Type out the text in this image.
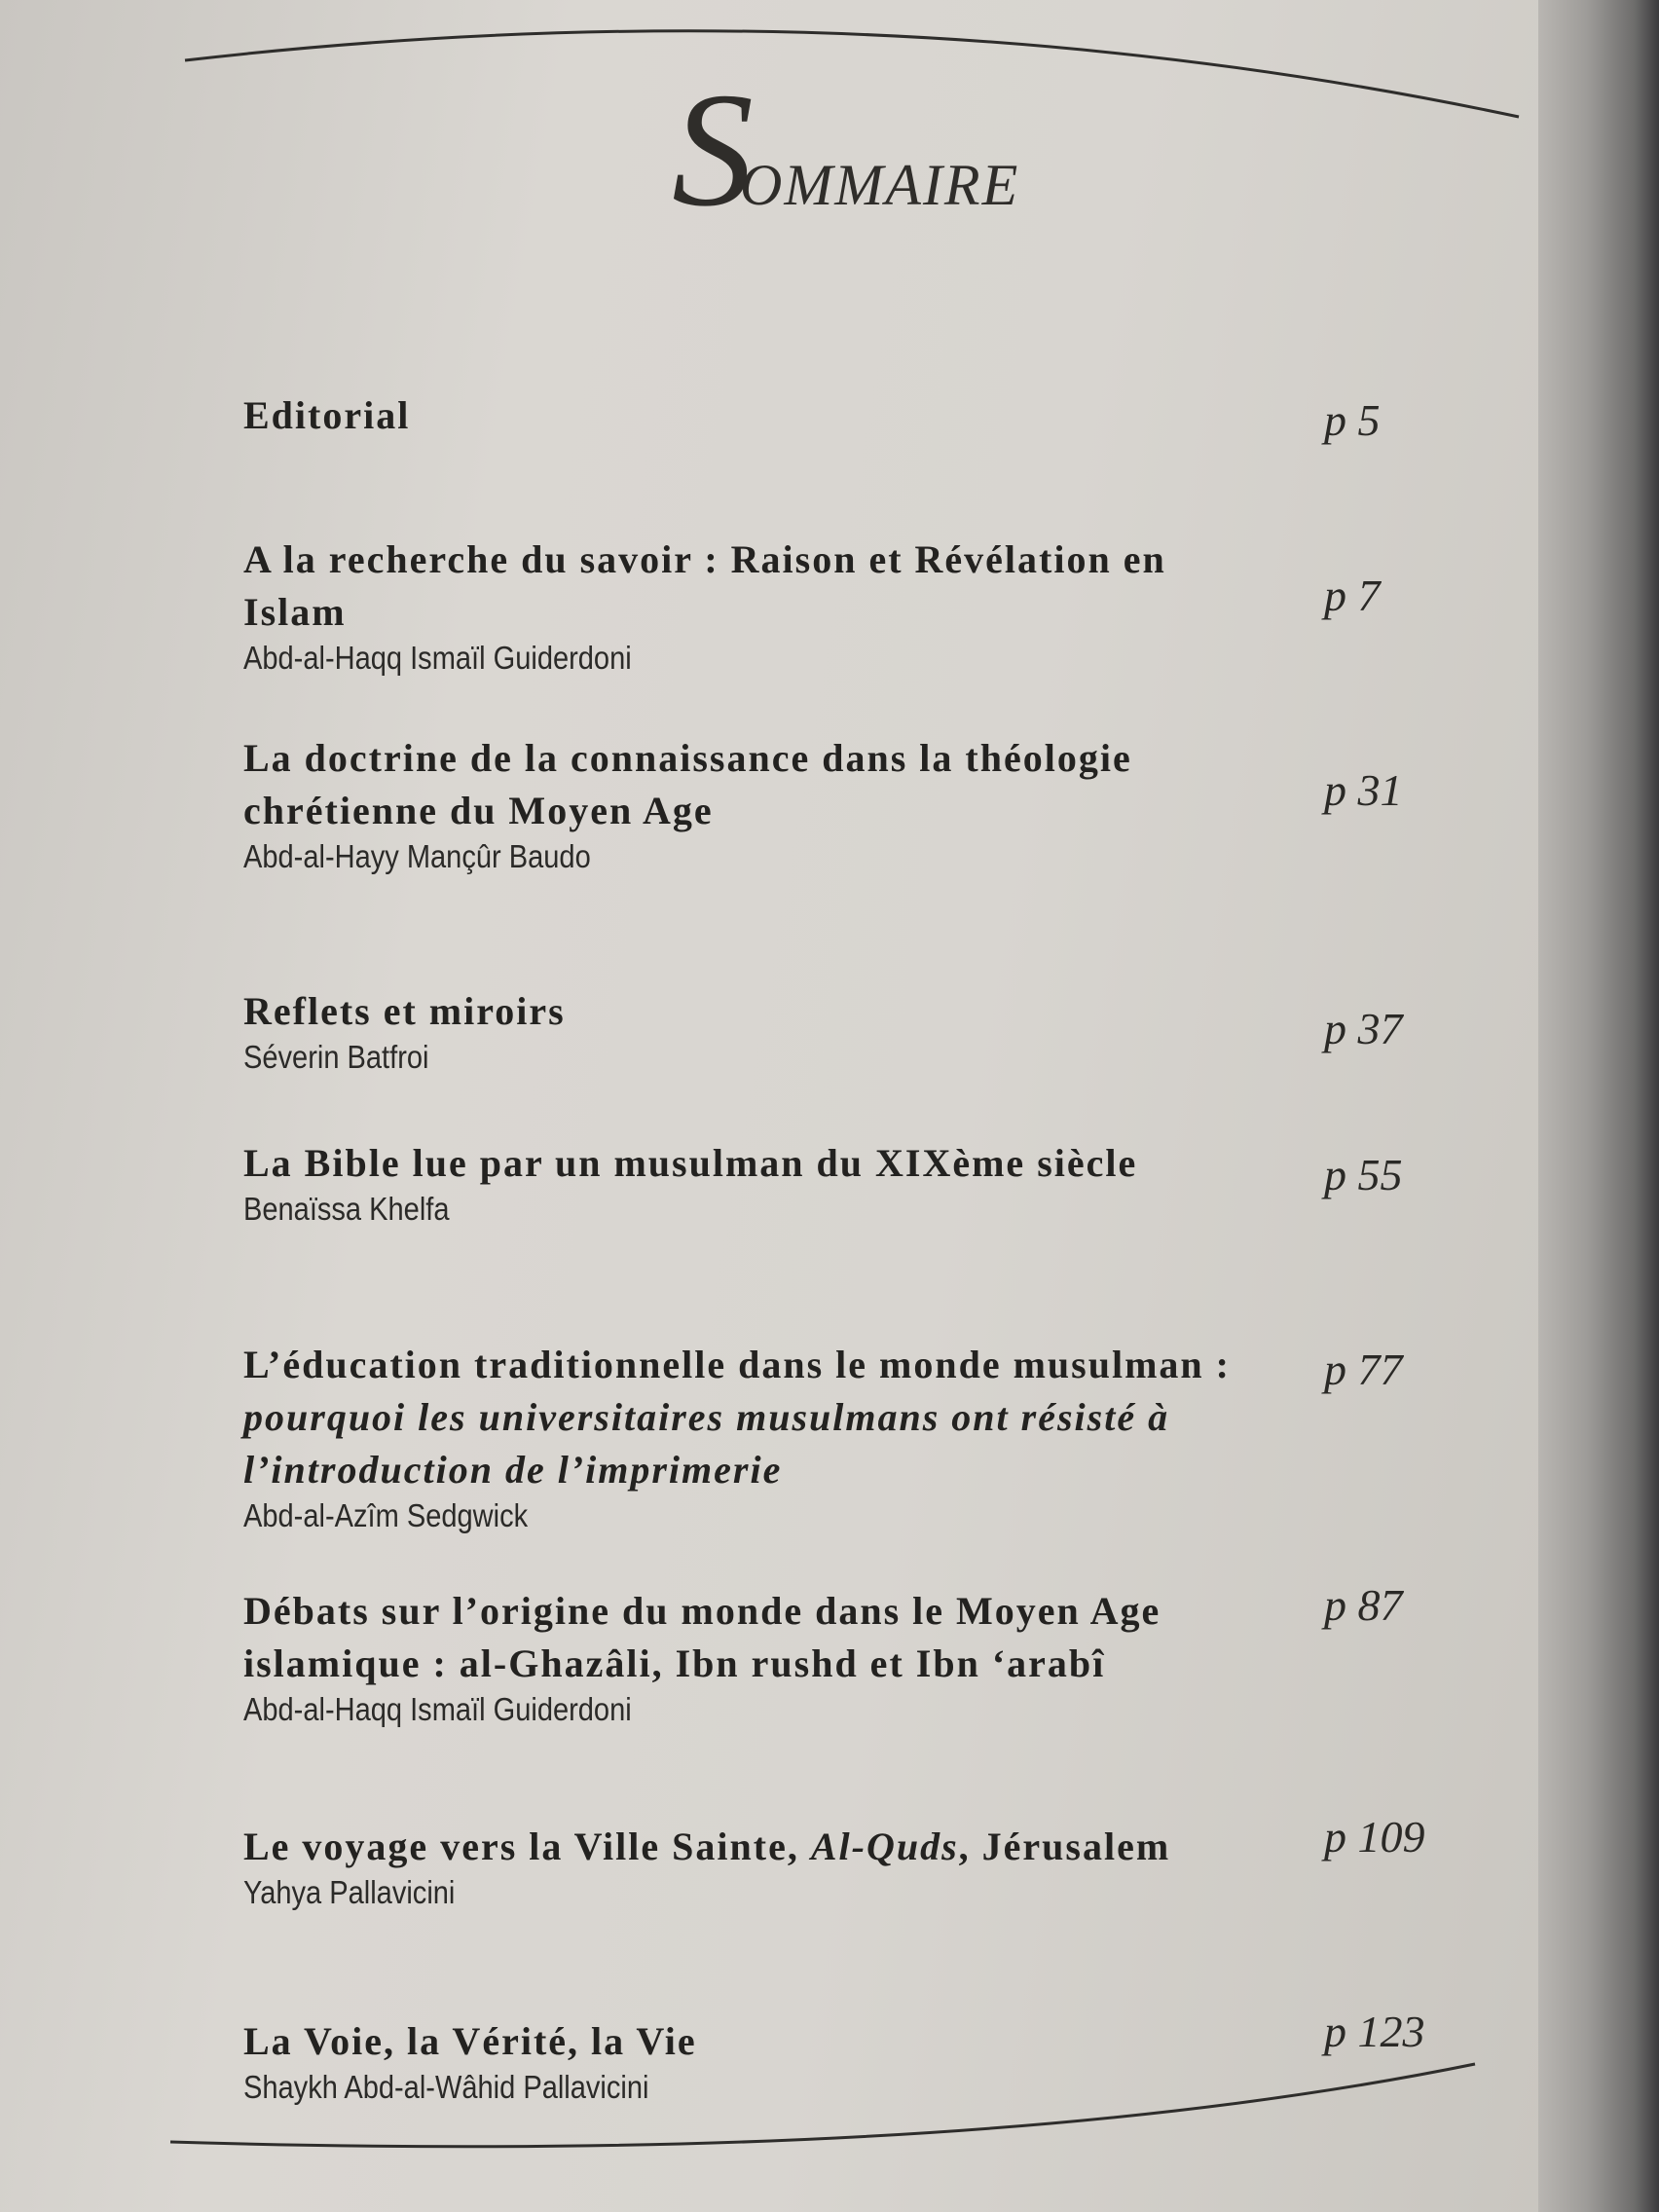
SOMMAIRE
Editorial	p 5
A la recherche du savoir : Raison et Révélation en Islam
Abd-al-Haqq Ismaïl Guiderdoni
p 7
La doctrine de la connaissance dans la théologie chrétienne du Moyen Age
Abd-al-Hayy Mançûr Baudo
p 31
Reflets et miroirs
Séverin Batfroi
p 37
La Bible lue par un musulman du XIXème siècle
Benaïssa Khelfa
p 55
L’éducation traditionnelle dans le monde musulman : pourquoi les universitaires musulmans ont résisté à l’introduction de l’imprimerie
Abd-al-Azîm Sedgwick
p 77
Débats sur l’origine du monde dans le Moyen Age islamique : al-Ghazâli, Ibn rushd et Ibn ‘arabî
Abd-al-Haqq Ismaïl Guiderdoni
p 87
Le voyage vers la Ville Sainte, Al-Quds, Jérusalem
Yahya Pallavicini
p 109
La Voie, la Vérité, la Vie
Shaykh Abd-al-Wâhid Pallavicini
p 123
